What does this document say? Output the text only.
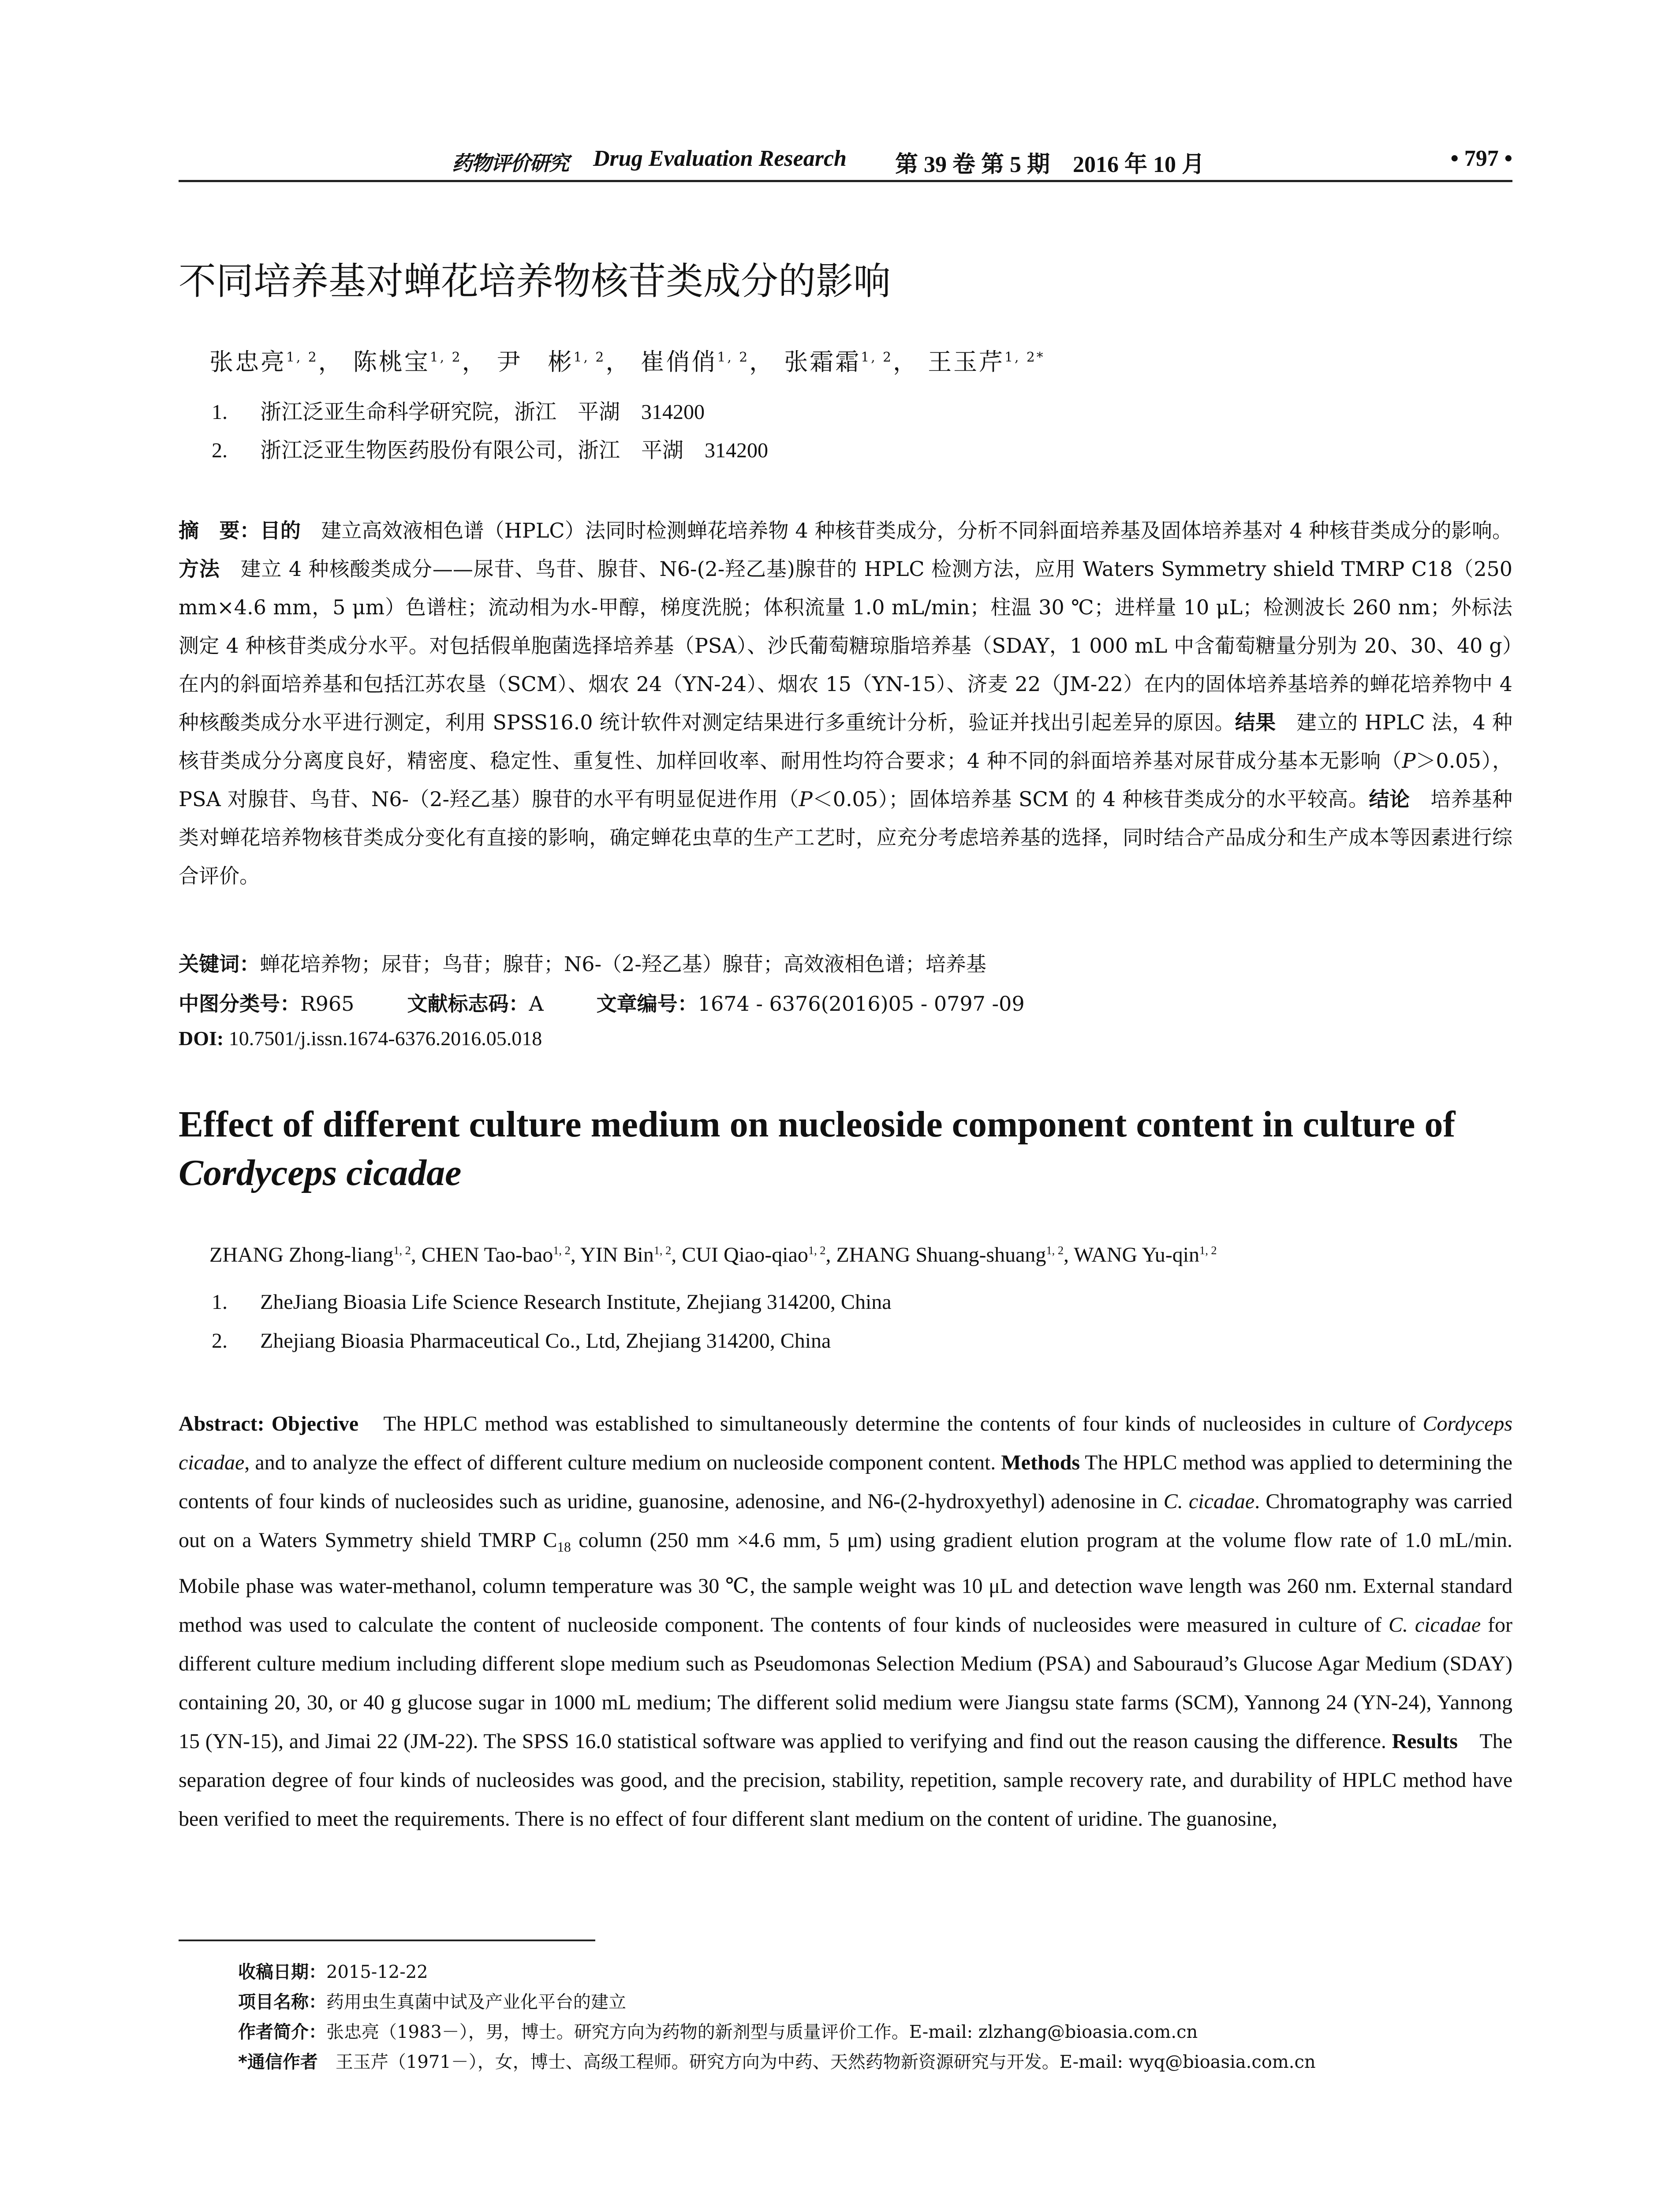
药物评价研究 Drug Evaluation Research 第 39 卷 第 5 期　2016 年 10 月	• 797 •
不同培养基对蝉花培养物核苷类成分的影响
张忠亮$^{1, 2}$， 陈桃宝$^{1, 2}$， 尹　彬$^{1, 2}$， 崔俏俏$^{1, 2}$， 张霜霜$^{1, 2}$， 王玉芹$^{1, 2*}$
1. 浙江泛亚生命科学研究院，浙江　平湖　314200
2. 浙江泛亚生物医药股份有限公司，浙江　平湖　314200
摘　要：目的　建立高效液相色谱（HPLC）法同时检测蝉花培养物 4 种核苷类成分，分析不同斜面培养基及固体培养基对 4 种核苷类成分的影响。方法　建立 4 种核酸类成分——尿苷、鸟苷、腺苷、N6-(2-羟乙基)腺苷的 HPLC 检测方法，应用 Waters Symmetry shield TMRP C18（250 mm×4.6 mm，5 μm）色谱柱；流动相为水-甲醇，梯度洗脱；体积流量 1.0 mL/min；柱温 30 ℃；进样量 10 μL；检测波长 260 nm；外标法测定 4 种核苷类成分水平。对包括假单胞菌选择培养基（PSA）、沙氏葡萄糖琼脂培养基（SDAY，1 000 mL 中含葡萄糖量分别为 20、30、40 g）在内的斜面培养基和包括江苏农垦（SCM）、烟农 24（YN-24）、烟农 15（YN-15）、济麦 22（JM-22）在内的固体培养基培养的蝉花培养物中 4 种核酸类成分水平进行测定，利用 SPSS16.0 统计软件对测定结果进行多重统计分析，验证并找出引起差异的原因。结果　建立的 HPLC 法，4 种核苷类成分分离度良好，精密度、稳定性、重复性、加样回收率、耐用性均符合要求；4 种不同的斜面培养基对尿苷成分基本无影响（P＞0.05），PSA 对腺苷、鸟苷、N6-（2-羟乙基）腺苷的水平有明显促进作用（P＜0.05）；固体培养基 SCM 的 4 种核苷类成分的水平较高。结论　培养基种类对蝉花培养物核苷类成分变化有直接的影响，确定蝉花虫草的生产工艺时，应充分考虑培养基的选择，同时结合产品成分和生产成本等因素进行综合评价。
关键词：蝉花培养物；尿苷；鸟苷；腺苷；N6-（2-羟乙基）腺苷；高效液相色谱；培养基
中图分类号：R965	文献标志码：A	文章编号：1674 - 6376(2016)05 - 0797 -09
DOI: 10.7501/j.issn.1674-6376.2016.05.018
Effect of different culture medium on nucleoside component content in culture of Cordyceps cicadae
ZHANG Zhong-liang$^{1, 2}$, CHEN Tao-bao$^{1, 2}$, YIN Bin$^{1, 2}$, CUI Qiao-qiao$^{1, 2}$, ZHANG Shuang-shuang$^{1, 2}$, WANG Yu-qin$^{1, 2}$
1. ZheJiang Bioasia Life Science Research Institute, Zhejiang 314200, China
2. Zhejiang Bioasia Pharmaceutical Co., Ltd, Zhejiang 314200, China
Abstract: Objective　The HPLC method was established to simultaneously determine the contents of four kinds of nucleosides in culture of Cordyceps cicadae, and to analyze the effect of different culture medium on nucleoside component content. Methods The HPLC method was applied to determining the contents of four kinds of nucleosides such as uridine, guanosine, adenosine, and N6-(2-hydroxyethyl) adenosine in C. cicadae. Chromatography was carried out on a Waters Symmetry shield TMRP $C_{18}$ column (250 mm ×4.6 mm, 5 μm) using gradient elution program at the volume flow rate of 1.0 mL/min. Mobile phase was water-methanol, column temperature was 30 ℃, the sample weight was 10 μL and detection wave length was 260 nm. External standard method was used to calculate the content of nucleoside component. The contents of four kinds of nucleosides were measured in culture of C. cicadae for different culture medium including different slope medium such as Pseudomonas Selection Medium (PSA) and Sabouraud’s Glucose Agar Medium (SDAY) containing 20, 30, or 40 g glucose sugar in 1000 mL medium; The different solid medium were Jiangsu state farms (SCM), Yannong 24 (YN-24), Yannong 15 (YN-15), and Jimai 22 (JM-22). The SPSS 16.0 statistical software was applied to verifying and find out the reason causing the difference. Results　The separation degree of four kinds of nucleosides was good, and the precision, stability, repetition, sample recovery rate, and durability of HPLC method have been verified to meet the requirements. There is no effect of four different slant medium on the content of uridine. The guanosine,
收稿日期：2015-12-22
项目名称：药用虫生真菌中试及产业化平台的建立
作者简介：张忠亮（1983－），男，博士。研究方向为药物的新剂型与质量评价工作。E-mail: zlzhang@bioasia.com.cn
*通信作者　王玉芹（1971－），女，博士、高级工程师。研究方向为中药、天然药物新资源研究与开发。E-mail: wyq@bioasia.com.cn
